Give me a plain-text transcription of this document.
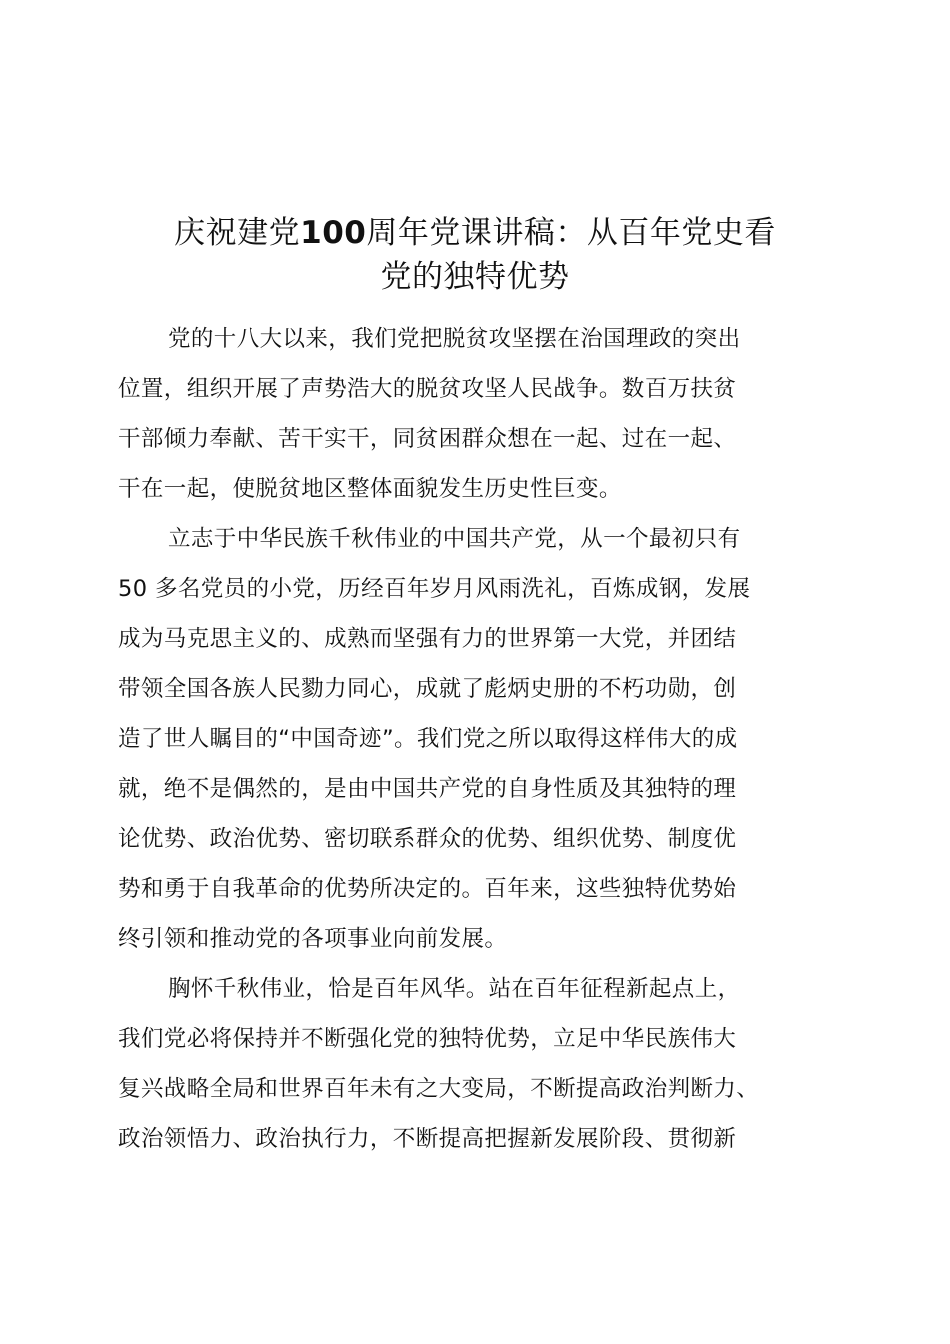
庆祝建党100周年党课讲稿：从百年党史看
党的独特优势

党的十八大以来，我们党把脱贫攻坚摆在治国理政的突出
位置，组织开展了声势浩大的脱贫攻坚人民战争。数百万扶贫
干部倾力奉献、苦干实干，同贫困群众想在一起、过在一起、
干在一起，使脱贫地区整体面貌发生历史性巨变。

立志于中华民族千秋伟业的中国共产党，从一个最初只有
50 多名党员的小党，历经百年岁月风雨洗礼，百炼成钢，发展
成为马克思主义的、成熟而坚强有力的世界第一大党，并团结
带领全国各族人民勠力同心，成就了彪炳史册的不朽功勋，创
造了世人瞩目的“中国奇迹”。我们党之所以取得这样伟大的成
就，绝不是偶然的，是由中国共产党的自身性质及其独特的理
论优势、政治优势、密切联系群众的优势、组织优势、制度优
势和勇于自我革命的优势所决定的。百年来，这些独特优势始
终引领和推动党的各项事业向前发展。

胸怀千秋伟业，恰是百年风华。站在百年征程新起点上，
我们党必将保持并不断强化党的独特优势，立足中华民族伟大
复兴战略全局和世界百年未有之大变局，不断提高政治判断力、
政治领悟力、政治执行力，不断提高把握新发展阶段、贯彻新
